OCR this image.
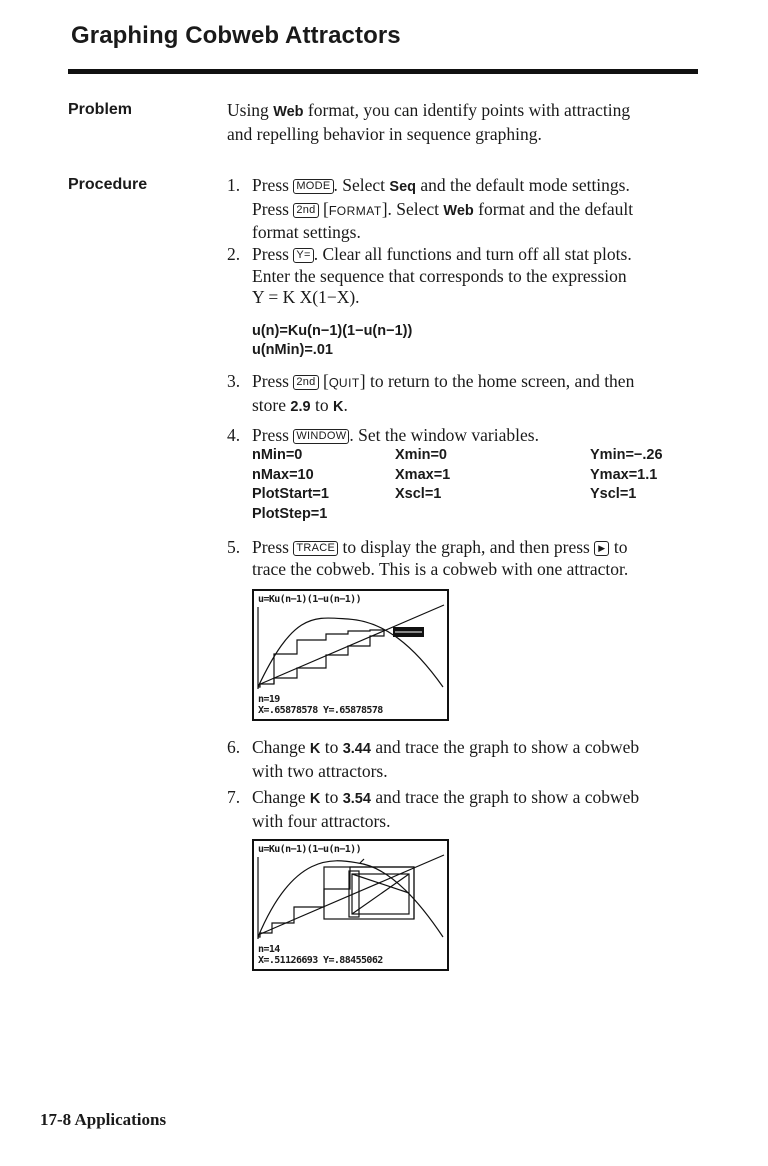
Graphing Cobweb Attractors
Problem	Using Web format, you can identify points with attracting
and repelling behavior in sequence graphing.
Procedure	1. Press MODE . Select Seq and the default mode settings.
Press 2nd [FORMAT]. Select Web format and the default
format settings.
2. Press Y= . Clear all functions and turn off all stat plots.
Enter the sequence that corresponds to the expression
Y = K X(1−X).
u(n)=Ku(n−1)(1−u(n−1))
u(nMin)=.01
3. Press 2nd [QUIT] to return to the home screen, and then
store 2.9 to K.
4. Press WINDOW . Set the window variables.
nMin=0	Xmin=0	Ymin=−.26
nMax=10	Xmax=1	Ymax=1.1
PlotStart=1	Xscl=1	Yscl=1
PlotStep=1
5. Press TRACE to display the graph, and then press ▶ to
trace the cobweb. This is a cobweb with one attractor.
u=Ku(n−1)(1−u(n−1))
n=19
X=.65878578 Y=.65878578
6. Change K to 3.44 and trace the graph to show a cobweb
with two attractors.
7. Change K to 3.54 and trace the graph to show a cobweb
with four attractors.
u=Ku(n−1)(1−u(n−1))
n=14
X=.51126693 Y=.88455062
17-8 Applications
